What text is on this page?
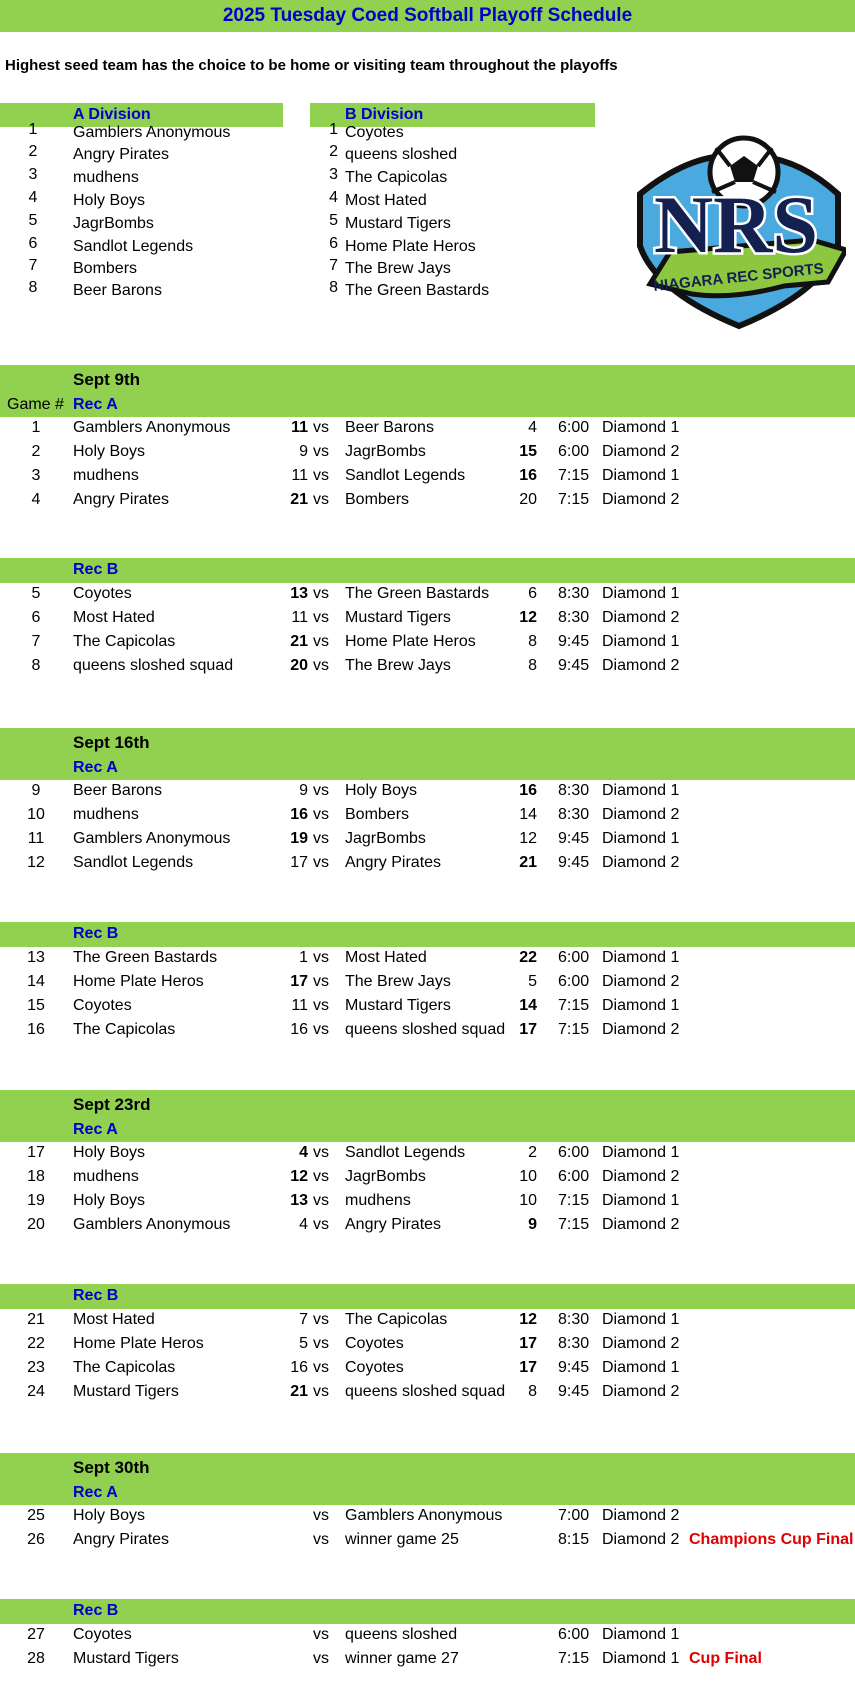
2025 Tuesday Coed Softball Playoff Schedule
Highest seed team has the choice to be home or visiting team throughout the playoffs
A Division	B Division
1	Gamblers Anonymous
2	Angry Pirates
3	mudhens
4	Holy Boys
5	JagrBombs
6	Sandlot Legends
7	Bombers
8	Beer Barons
1 Coyotes
2 queens sloshed
3 The Capicolas
4 Most Hated
5 Mustard Tigers
6 Home Plate Heros
7 The Brew Jays
8 The Green Bastards	NIAGARA REC SPORTS
NRS
Sept 9th
Game # Rec A
1	Gamblers Anonymous	11 vs Beer Barons	4 6:00 Diamond 1
2	Holy Boys	9 vs JagrBombs	15 6:00 Diamond 2
3	mudhens	11 vs Sandlot Legends	16 7:15 Diamond 1
4	Angry Pirates	21 vs Bombers	20 7:15 Diamond 2
Rec B
5	Coyotes	13 vs The Green Bastards	6 8:30 Diamond 1
6	Most Hated	11 vs Mustard Tigers	12 8:30 Diamond 2
7	The Capicolas	21 vs Home Plate Heros	8 9:45 Diamond 1
8	queens sloshed squad	20 vs The Brew Jays	8 9:45 Diamond 2
Sept 16th
Rec A
9	Beer Barons	9 vs Holy Boys	16 8:30 Diamond 1
10	mudhens	16 vs Bombers	14 8:30 Diamond 2
11	Gamblers Anonymous	19 vs JagrBombs	12 9:45 Diamond 1
12	Sandlot Legends	17 vs Angry Pirates	21 9:45 Diamond 2
Rec B
13	The Green Bastards	1 vs Most Hated	22 6:00 Diamond 1
14	Home Plate Heros	17 vs The Brew Jays	5 6:00 Diamond 2
15	Coyotes	11 vs Mustard Tigers	14 7:15 Diamond 1
16	The Capicolas	16 vs queens sloshed squad 17 7:15 Diamond 2
Sept 23rd
Rec A
17	Holy Boys	4 vs Sandlot Legends	2 6:00 Diamond 1
18	mudhens	12 vs JagrBombs	10 6:00 Diamond 2
19	Holy Boys	13 vs mudhens	10 7:15 Diamond 1
20	Gamblers Anonymous	4 vs Angry Pirates	9 7:15 Diamond 2
Rec B
21	Most Hated	7 vs The Capicolas	12 8:30 Diamond 1
22	Home Plate Heros	5 vs Coyotes	17 8:30 Diamond 2
23	The Capicolas	16 vs Coyotes	17 9:45 Diamond 1
24	Mustard Tigers	21 vs queens sloshed squad	8 9:45 Diamond 2
Sept 30th
Rec A
25	Holy Boys	vs Gamblers Anonymous	7:00 Diamond 2
26	Angry Pirates	vs winner game 25	8:15 Diamond 2 Champions Cup Final
Rec B
27	Coyotes	vs queens sloshed	6:00 Diamond 1
28	Mustard Tigers	vs winner game 27	7:15 Diamond 1 Cup Final
